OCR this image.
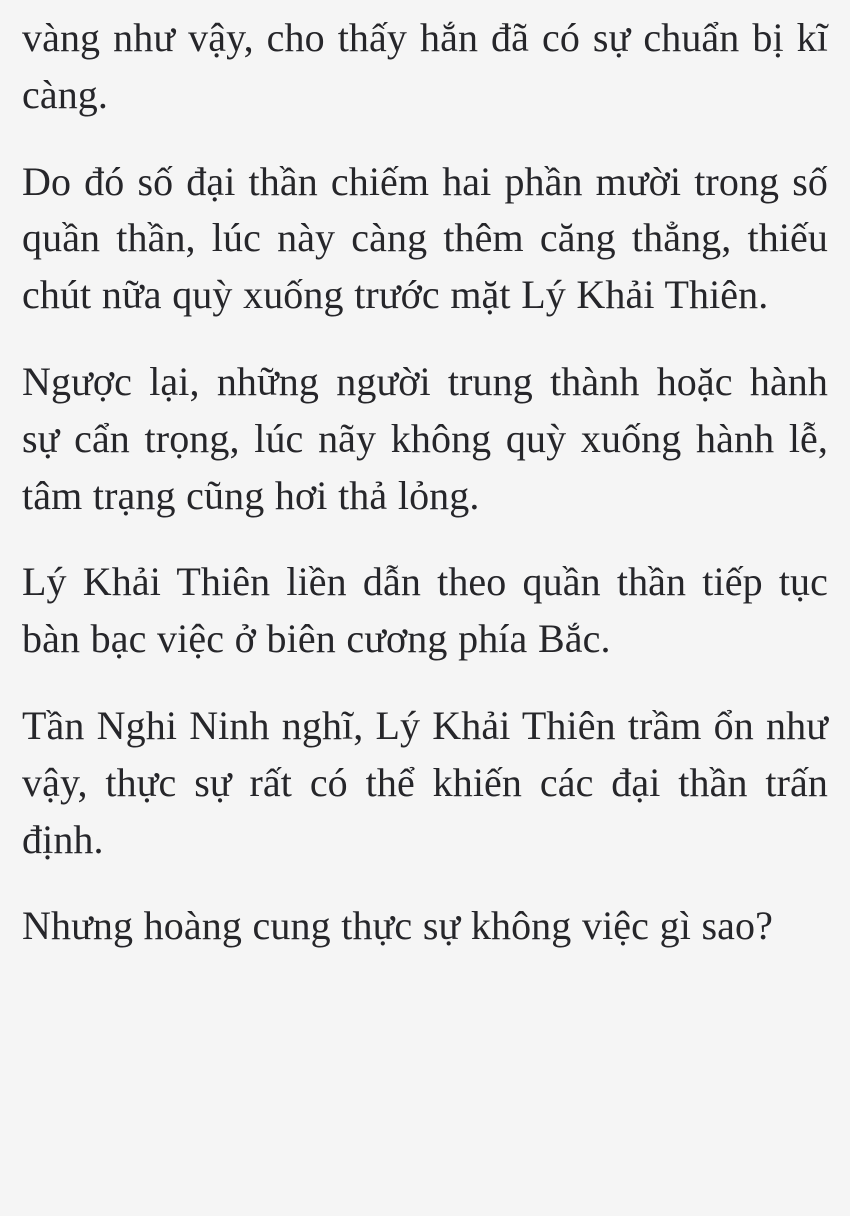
vàng như vậy, cho thấy hắn đã có sự chuẩn bị kĩ càng.

Do đó số đại thần chiếm hai phần mười trong số quần thần, lúc này càng thêm căng thẳng, thiếu chút nữa quỳ xuống trước mặt Lý Khải Thiên.

Ngược lại, những người trung thành hoặc hành sự cẩn trọng, lúc nãy không quỳ xuống hành lễ, tâm trạng cũng hơi thả lỏng.

Lý Khải Thiên liền dẫn theo quần thần tiếp tục bàn bạc việc ở biên cương phía Bắc.

Tần Nghi Ninh nghĩ, Lý Khải Thiên trầm ổn như vậy, thực sự rất có thể khiến các đại thần trấn định.

Nhưng hoàng cung thực sự không việc gì sao?
